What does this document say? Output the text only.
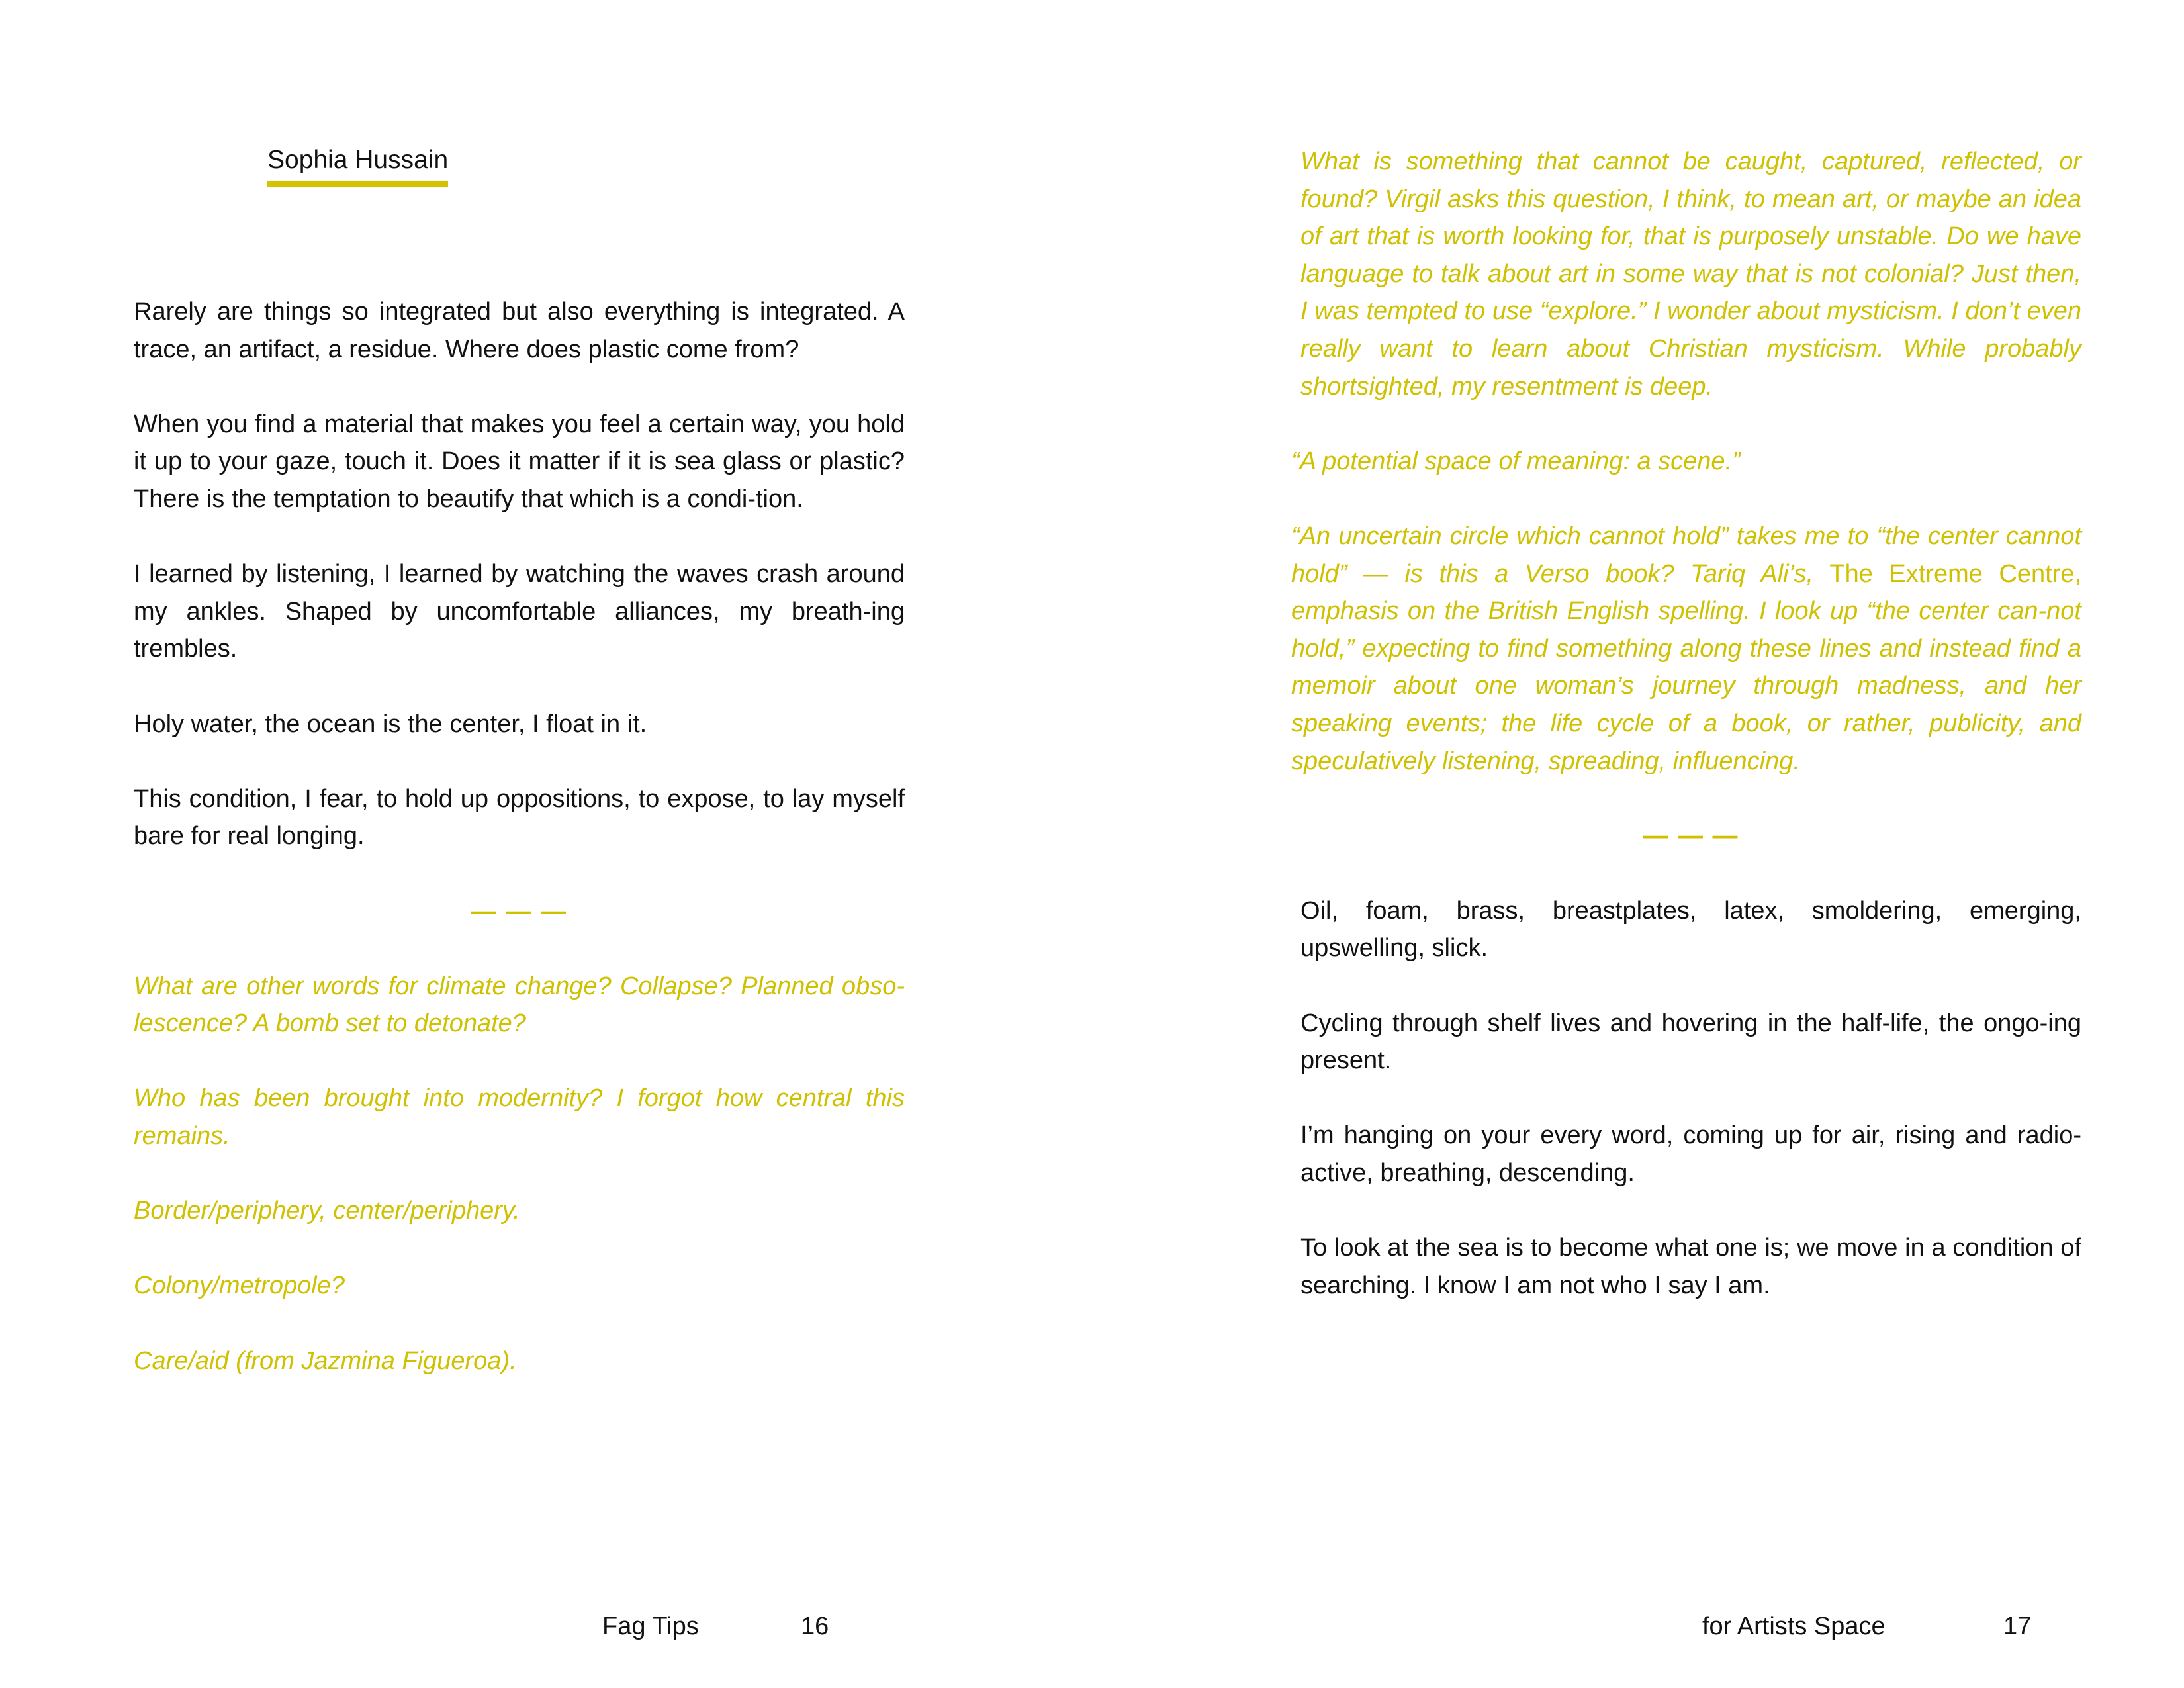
Sophia Hussain

Rarely are things so integrated but also everything is integrated. A trace, an artifact, a residue. Where does plastic come from?

When you find a material that makes you feel a certain way, you hold it up to your gaze, touch it. Does it matter if it is sea glass or plastic? There is the temptation to beautify that which is a condi-tion.

I learned by listening, I learned by watching the waves crash around my ankles. Shaped by uncomfortable alliances, my breath-ing trembles.

Holy water, the ocean is the center, I float in it.

This condition, I fear, to hold up oppositions, to expose, to lay myself bare for real longing.

— — —

What are other words for climate change? Collapse? Planned obso-lescence? A bomb set to detonate?

Who has been brought into modernity? I forgot how central this remains.

Border/periphery, center/periphery.

Colony/metropole?

Care/aid (from Jazmina Figueroa).

Fag Tips	16

What is something that cannot be caught, captured, reflected, or found? Virgil asks this question, I think, to mean art, or maybe an idea of art that is worth looking for, that is purposely unstable. Do we have language to talk about art in some way that is not colonial? Just then, I was tempted to use “explore.” I wonder about mysticism. I don’t even really want to learn about Christian mysticism. While probably shortsighted, my resentment is deep.

“A potential space of meaning: a scene.”

“An uncertain circle which cannot hold” takes me to “the center cannot hold” — is this a Verso book? Tariq Ali’s, The Extreme Centre, emphasis on the British English spelling. I look up “the center can-not hold,” expecting to find something along these lines and instead find a memoir about one woman’s journey through madness, and her speaking events; the life cycle of a book, or rather, publicity, and speculatively listening, spreading, influencing.

— — —

Oil, foam, brass, breastplates, latex, smoldering, emerging, upswelling, slick.

Cycling through shelf lives and hovering in the half-life, the ongo-ing present.

I’m hanging on your every word, coming up for air, rising and radio-active, breathing, descending.

To look at the sea is to become what one is; we move in a condition of searching. I know I am not who I say I am.

for Artists Space	17
